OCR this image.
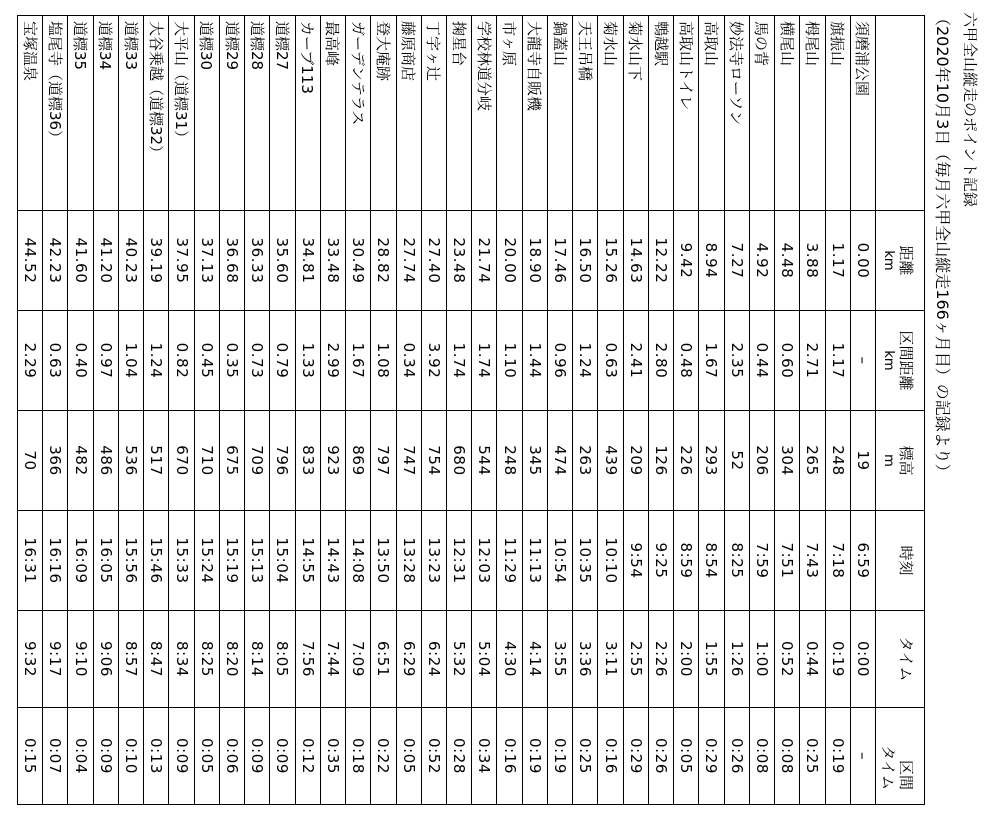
六甲全山縦走のポイント記録
（2020年10月3日（毎月六甲全山縦走166ヶ月目）の記録より）
距離
km
区間距離
km
標高
m
時刻
タイム
区間
タイム
須磨浦公園
0.00
–
19
6:59
0:00
–
旗振山
1.17
1.17
248
7:18
0:19
0:19
栂尾山
3.88
2.71
265
7:43
0:44
0:25
横尾山
4.48
0.60
304
7:51
0:52
0:08
馬の背
4.92
0.44
206
7:59
1:00
0:08
妙法寺ローソン
7.27
2.35
52
8:25
1:26
0:26
高取山
8.94
1.67
293
8:54
1:55
0:29
高取山トイレ
9.42
0.48
226
8:59
2:00
0:05
鵯越駅
12.22
2.80
126
9:25
2:26
0:26
菊水山下
14.63
2.41
209
9:54
2:55
0:29
菊水山
15.26
0.63
439
10:10
3:11
0:16
天王吊橋
16.50
1.24
263
10:35
3:36
0:25
鍋蓋山
17.46
0.96
474
10:54
3:55
0:19
大龍寺自販機
18.90
1.44
345
11:13
4:14
0:19
市ヶ原
20.00
1.10
248
11:29
4:30
0:16
学校林道分岐
21.74
1.74
544
12:03
5:04
0:34
掬星台
23.48
1.74
680
12:31
5:32
0:28
丁字ヶ辻
27.40
3.92
754
13:23
6:24
0:52
藤原商店
27.74
0.34
747
13:28
6:29
0:05
登大庵跡
28.82
1.08
797
13:50
6:51
0:22
ガーデンテラス
30.49
1.67
869
14:08
7:09
0:18
最高峰
33.48
2.99
923
14:43
7:44
0:35
カーブ113
34.81
1.33
833
14:55
7:56
0:12
道標27
35.60
0.79
796
15:04
8:05
0:09
道標28
36.33
0.73
709
15:13
8:14
0:09
道標29
36.68
0.35
675
15:19
8:20
0:06
道標30
37.13
0.45
710
15:24
8:25
0:05
大平山（道標31）
37.95
0.82
670
15:33
8:34
0:09
大谷乗越（道標32）
39.19
1.24
517
15:46
8:47
0:13
道標33
40.23
1.04
536
15:56
8:57
0:10
道標34
41.20
0.97
486
16:05
9:06
0:09
道標35
41.60
0.40
482
16:09
9:10
0:04
塩尾寺（道標36）
42.23
0.63
366
16:16
9:17
0:07
宝塚温泉
44.52
2.29
70
16:31
9:32
0:15
